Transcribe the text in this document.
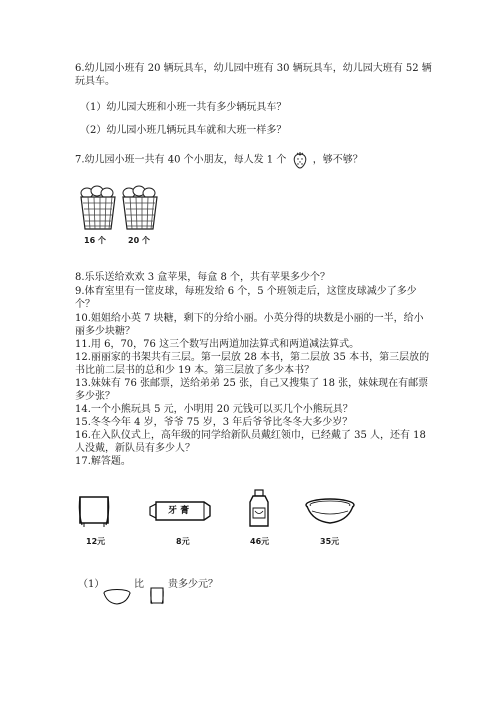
6.幼儿园小班有 20 辆玩具车，幼儿园中班有 30 辆玩具车，幼儿园大班有 52 辆
玩具车。
（1）幼儿园大班和小班一共有多少辆玩具车？
（2）幼儿园小班几辆玩具车就和大班一样多？
7.幼儿园小班一共有 40 个小朋友，每人发 1 个	，够不够？
16 个	20 个
8.乐乐送给欢欢 3 盒苹果，每盒 8 个，共有苹果多少个？
9.体育室里有一筐皮球，每班发给 6 个，5 个班领走后，这筐皮球减少了多少
个？
10.姐姐给小英 7 块糖，剩下的分给小丽。小英分得的块数是小丽的一半，给小
丽多少块糖？
11.用 6，70，76 这三个数写出两道加法算式和两道减法算式。
12.丽丽家的书架共有三层。第一层放 28 本书，第二层放 35 本书，第三层放的
书比前二层书的总和少 19 本。第三层放了多少本书？
13.妹妹有 76 张邮票，送给弟弟 25 张，自己又搜集了 18 张，妹妹现在有邮票
多少张？
14.一个小熊玩具 5 元，小明用 20 元钱可以买几个小熊玩具？
15.冬冬今年 4 岁，爷爷 75 岁，3 年后爷爷比冬冬大多少岁？
16.在入队仪式上，高年级的同学给新队员戴红领巾，已经戴了 35 人，还有 18
人没戴，新队员有多少人？
17.解答题。
12元
牙 膏
8元	46元	35元
（1）	比 贵多少元？
